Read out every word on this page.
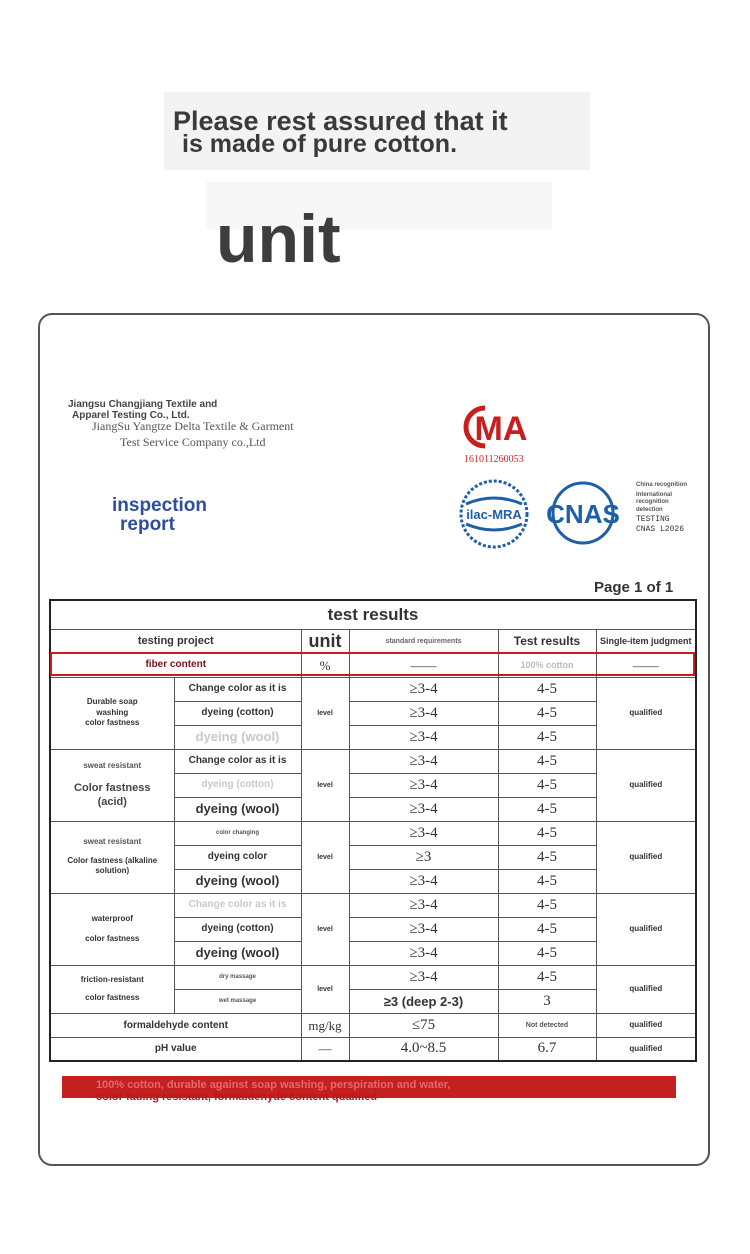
Please rest assured that it
is made of pure cotton.
unit
Jiangsu Changjiang Textile and
Apparel Testing Co., Ltd.
JiangSu Yangtze Delta Textile & Garment
Test Service Company co.,Ltd
inspection
report
MA
161011260053
ilac-MRA CNAS
China recognition
International
recognition
detection
TESTING
CNAS L2026
Page 1 of 1
test results					
testing project		unit	standard requirements	Test results	Single-item judgment
fiber content		%	——	100% cotton	——

Durable soap
washing
color fastness	Change color as it is	level	≥3-4	4-5	qualified
	dyeing (cotton)		≥3-4	4-5	
	dyeing (wool)		≥3-4	4-5	

sweat resistant
Color fastness
(acid)	Change color as it is	level	≥3-4	4-5	qualified
	dyeing (cotton)		≥3-4	4-5	
	dyeing (wool)		≥3-4	4-5	

sweat resistant
Color fastness (alkaline
solution)	color changing	level	≥3-4	4-5	qualified
	dyeing color		≥3	4-5	
	dyeing (wool)		≥3-4	4-5	

waterproof
color fastness	Change color as it is	level	≥3-4	4-5	qualified
	dyeing (cotton)		≥3-4	4-5	
	dyeing (wool)		≥3-4	4-5	

friction-resistant
color fastness	dry massage	level	≥3-4	4-5	qualified
	wet massage		≥3 (deep 2-3)	3	
formaldehyde content		mg/kg	≤75	Not detected	qualified
pH value		—	4.0~8.5	6.7	qualified
100% cotton, durable against soap washing, perspiration and water,
color fading resistant, formaldehyde content qualified
